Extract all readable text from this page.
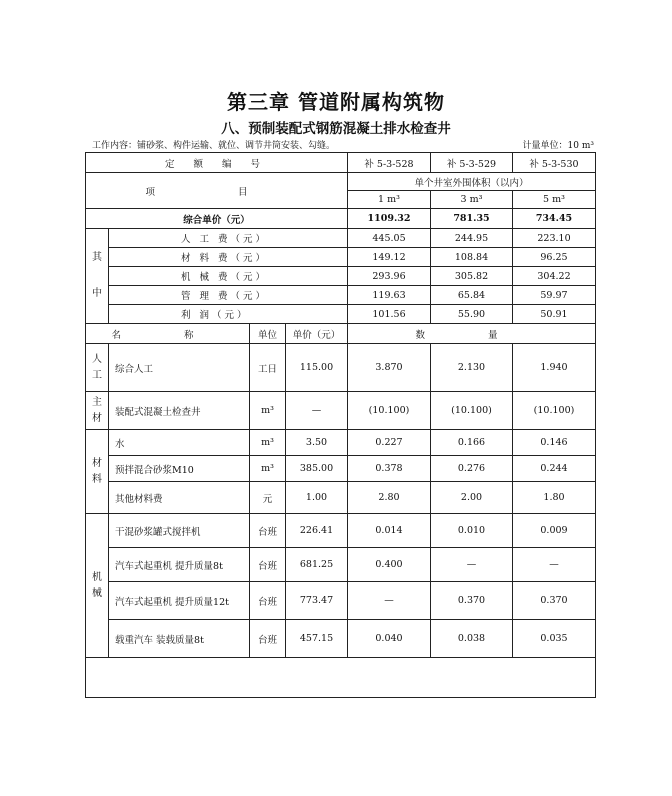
第三章 管道附属构筑物
八、预制装配式钢筋混凝土排水检查井
工作内容：铺砂浆、构件运输、就位、调节井筒安装、勾缝。	计量单位：10 m³
定 额 编 号				补 5-3-528	补 5-3-529	补 5-3-530
项 目				单个井室外围体积（以内）		
				1 m³	3 m³	5 m³
综合单价（元）				1109.32	781.35	734.45
其中	人 工 费（元）			445.05	244.95	223.10
	材 料 费（元）			149.12	108.84	96.25
	机 械 费（元）			293.96	305.82	304.22
	管 理 费（元）			119.63	65.84	59.97
	利 润（元）			101.56	55.90	50.91
名 称		单位	单价（元）	数 量		
人工	综合人工	工日	115.00	3.870	2.130	1.940
主材	装配式混凝土检查井	m³	—	(10.100)	(10.100)	(10.100)
材料	水	m³	3.50	0.227	0.166	0.146
	预拌混合砂浆M10	m³	385.00	0.378	0.276	0.244
	其他材料费	元	1.00	2.80	2.00	1.80
机械	干混砂浆罐式搅拌机	台班	226.41	0.014	0.010	0.009
	汽车式起重机 提升质量8t	台班	681.25	0.400	—	—
	汽车式起重机 提升质量12t	台班	773.47	—	0.370	0.370
	载重汽车 装载质量8t	台班	457.15	0.040	0.038	0.035
